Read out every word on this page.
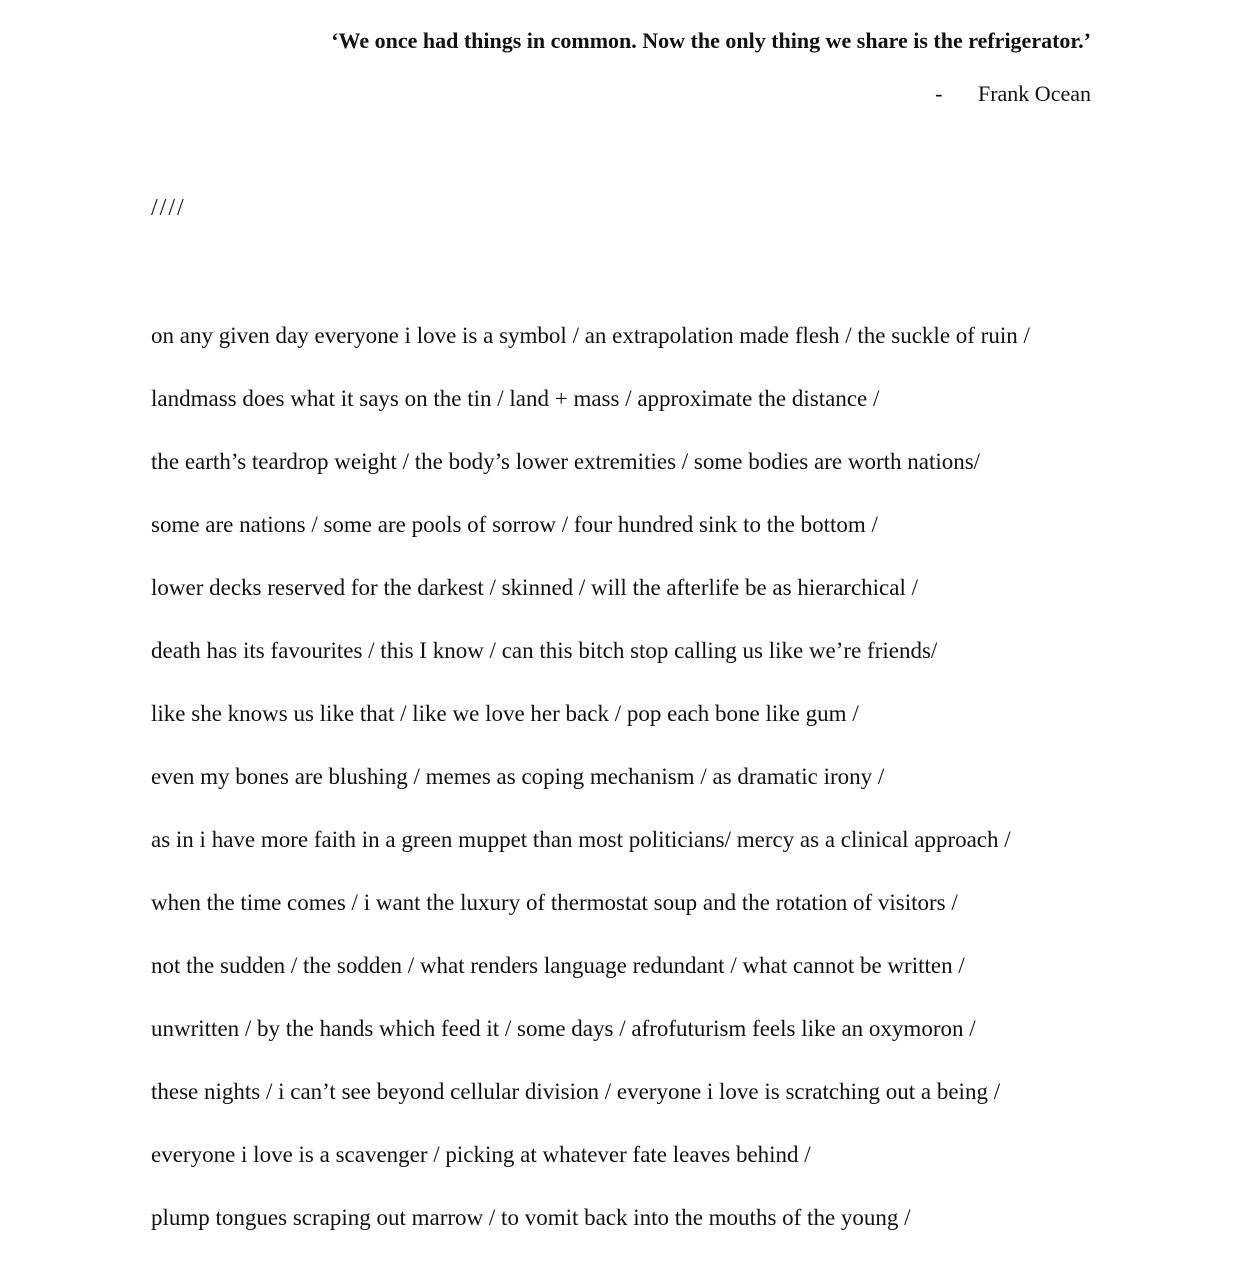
‘We once had things in common. Now the only thing we share is the refrigerator.’
- Frank Ocean
////
on any given day everyone i love is a symbol / an extrapolation made flesh / the suckle of ruin /
landmass does what it says on the tin / land + mass / approximate the distance /
the earth’s teardrop weight / the body’s lower extremities / some bodies are worth nations/
some are nations / some are pools of sorrow / four hundred sink to the bottom /
lower decks reserved for the darkest / skinned / will the afterlife be as hierarchical /
death has its favourites / this I know / can this bitch stop calling us like we’re friends/
like she knows us like that / like we love her back / pop each bone like gum /
even my bones are blushing / memes as coping mechanism / as dramatic irony /
as in i have more faith in a green muppet than most politicians/ mercy as a clinical approach /
when the time comes / i want the luxury of thermostat soup and the rotation of visitors /
not the sudden / the sodden / what renders language redundant / what cannot be written /
unwritten / by the hands which feed it / some days / afrofuturism feels like an oxymoron /
these nights / i can’t see beyond cellular division / everyone i love is scratching out a being /
everyone i love is a scavenger / picking at whatever fate leaves behind /
plump tongues scraping out marrow / to vomit back into the mouths of the young /
